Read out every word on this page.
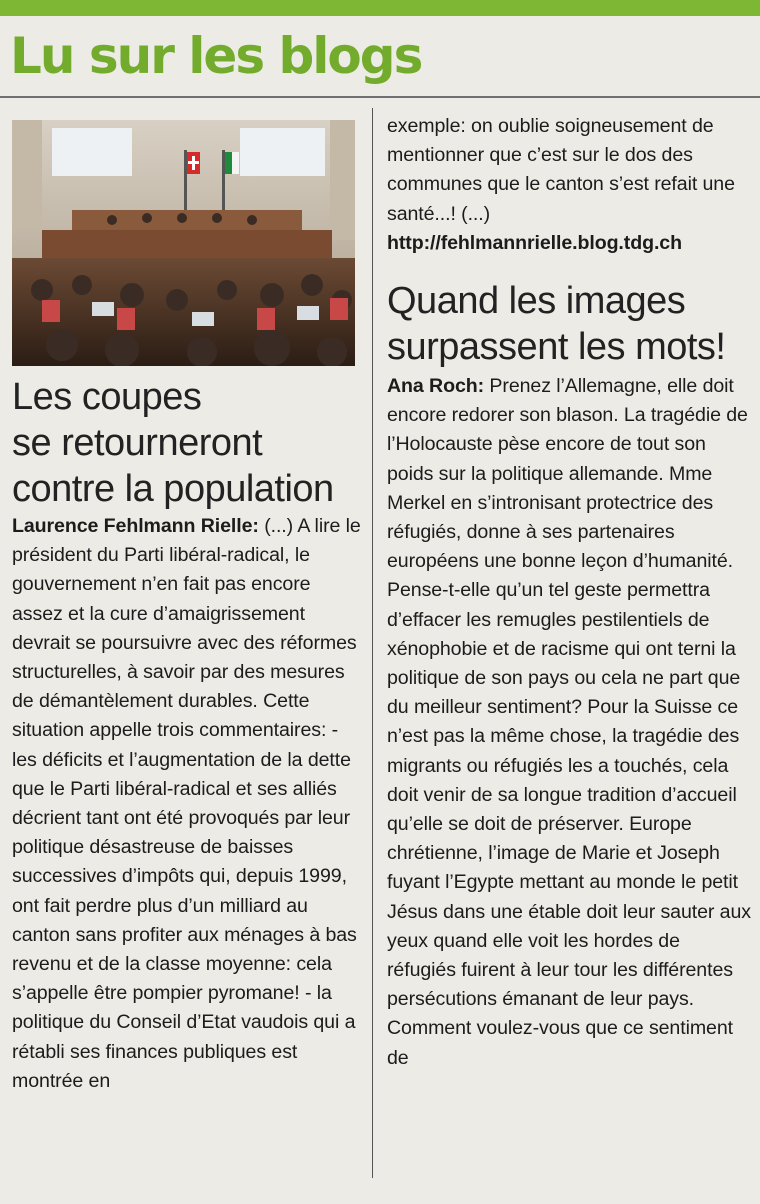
Lu sur les blogs
Les coupes
se retourneront
contre la population

Laurence Fehlmann Rielle: (...) A lire le président du Parti libéral-radical, le gouvernement n’en fait pas encore assez et la cure d’amaigrissement devrait se poursuivre avec des réformes structurelles, à savoir par des mesures de démantèlement durables. Cette situation appelle trois commentaires: - les déficits et l’augmentation de la dette que le Parti libéral-radical et ses alliés décrient tant ont été provoqués par leur politique désastreuse de baisses successives d’impôts qui, depuis 1999, ont fait perdre plus d’un milliard au canton sans profiter aux ménages à bas revenu et de la classe moyenne: cela s’appelle être pompier pyromane! - la politique du Conseil d’Etat vaudois qui a rétabli ses finances publiques est montrée en

exemple: on oublie soigneusement de mentionner que c’est sur le dos des communes que le canton s’est refait une santé...! (...)
http://fehlmannrielle.blog.tdg.ch

Quand les images
surpassent les mots!

Ana Roch: Prenez l’Allemagne, elle doit encore redorer son blason. La tragédie de l’Holocauste pèse encore de tout son poids sur la politique allemande. Mme Merkel en s’intronisant protectrice des réfugiés, donne à ses partenaires européens une bonne leçon d’humanité. Pense-t-elle qu’un tel geste permettra d’effacer les remugles pestilentiels de xénophobie et de racisme qui ont terni la politique de son pays ou cela ne part que du meilleur sentiment? Pour la Suisse ce n’est pas la même chose, la tragédie des migrants ou réfugiés les a touchés, cela doit venir de sa longue tradition d’accueil qu’elle se doit de préserver. Europe chrétienne, l’image de Marie et Joseph fuyant l’Egypte mettant au monde le petit Jésus dans une étable doit leur sauter aux yeux quand elle voit les hordes de réfugiés fuirent à leur tour les différentes persécutions émanant de leur pays. Comment voulez-vous que ce sentiment de
